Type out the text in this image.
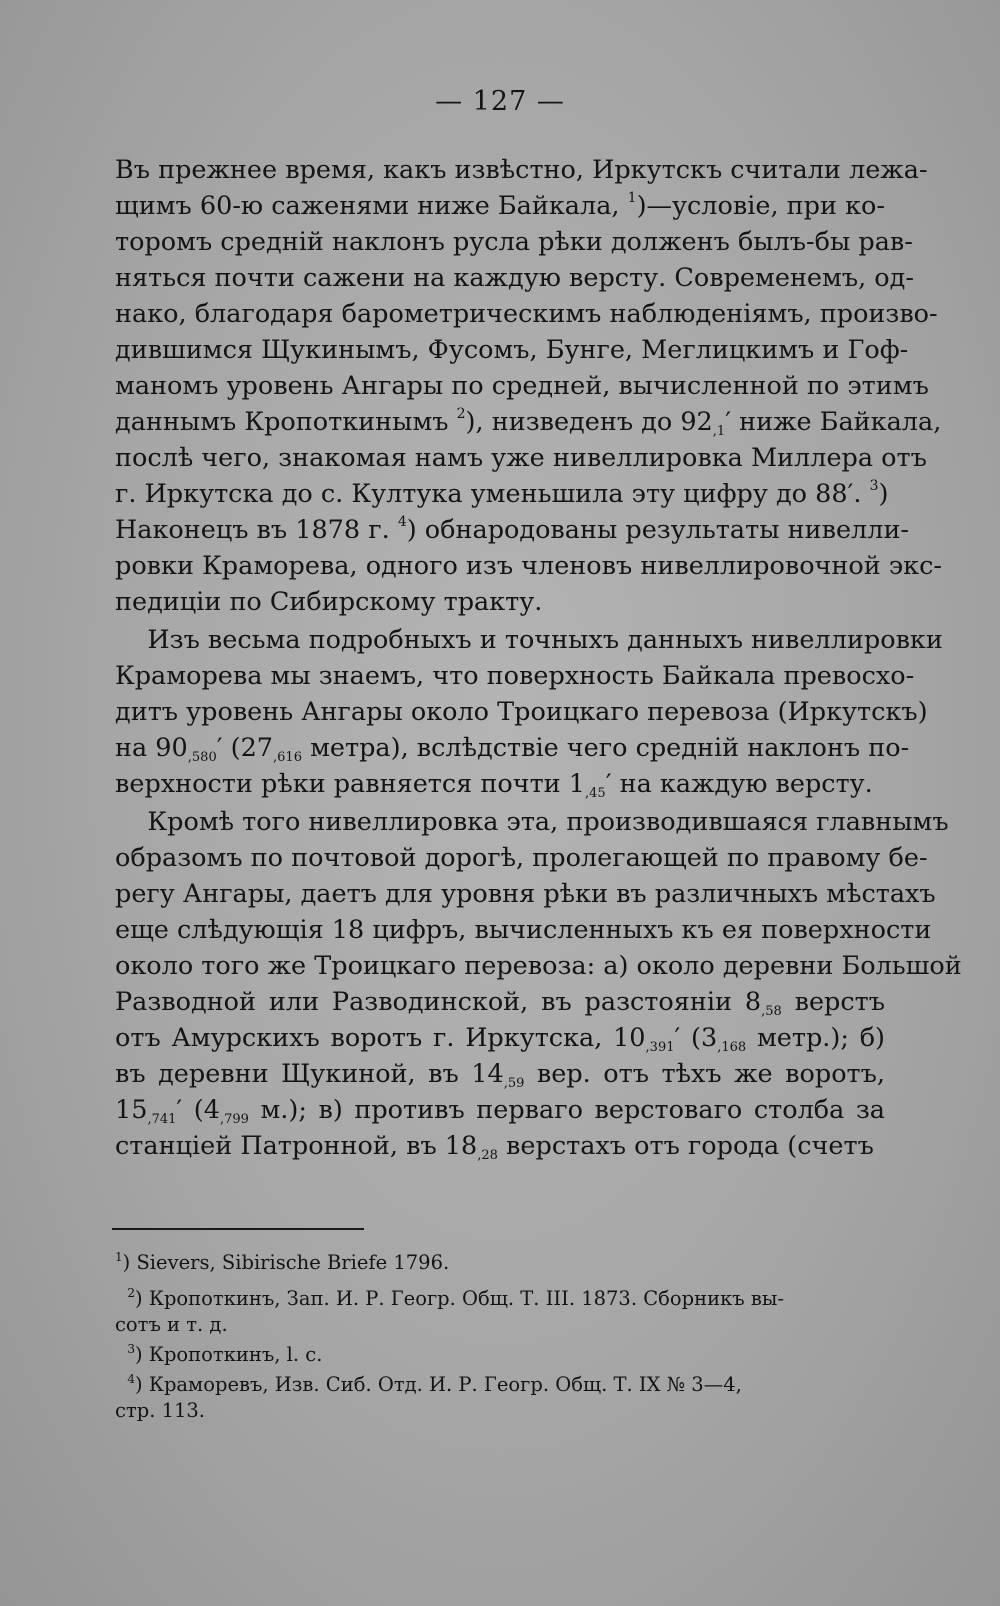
— 127 —
Въ прежнее время, какъ извѣстно, Иркутскъ считали лежа-
щимъ 60-ю саженями ниже Байкала, $^1$)—условіе, при ко-
торомъ среднiй наклонъ русла рѣки долженъ былъ-бы рав-
няться почти сажени на каждую версту. Современемъ, од-
нако, благодаря барометрическимъ наблюденiямъ, произво-
дившимся Щукинымъ, Фусомъ, Бунге, Меглицкимъ и Гоф-
маномъ уровень Ангары по средней, вычисленной по этимъ
даннымъ Кропоткинымъ $^2$), низведенъ до $92_{,1}'$ ниже Байкала,
послѣ чего, знакомая намъ уже нивеллировка Миллера отъ
г. Иркутска до с. Култука уменьшила эту цифру до 88′. $^3$)
Наконецъ въ 1878 г. $^4$) обнародованы результаты нивелли-
ровки Краморева, одного изъ членовъ нивеллировочной экс-
педицiи по Сибирскому тракту.
Изъ весьма подробныхъ и точныхъ данныхъ нивеллировки
Краморева мы знаемъ, что поверхность Байкала превосхо-
дитъ уровень Ангары около Троицкаго перевоза (Иркутскъ)
на $90_{,580}'$ ($27_{,616}$ метра), вслѣдствiе чего среднiй наклонъ по-
верхности рѣки равняется почти $1_{,45}'$ на каждую версту.
Кромѣ того нивеллировка эта, производившаяся главнымъ
образомъ по почтовой дорогѣ, пролегающей по правому бе-
регу Ангары, даетъ для уровня рѣки въ различныхъ мѣстахъ
еще слѣдующiя 18 цифръ, вычисленныхъ къ ея поверхности
около того же Троицкаго перевоза: а) около деревни Большой
Разводной или Разводинской, въ разстоянiи $8_{,58}$ верстъ
отъ Амурскихъ воротъ г. Иркутска, $10_{,391}'$ ($3_{,168}$ метр.); б)
въ деревни Щукиной, въ $14_{,59}$ вер. отъ тѣхъ же воротъ,
$15_{,741}'$ ($4_{,799}$ м.); в) противъ перваго верстоваго столба за
станцiей Патронной, въ $18_{,28}$ верстахъ отъ города (счетъ
$^1$) Sievers, Sibirische Briefe 1796.
$^2$) Кропоткинъ, Зап. И. Р. Геогр. Общ. Т. III. 1873. Сборникъ вы-
сотъ и т. д.
$^3$) Кропоткинъ, l. c.
$^4$) Краморевъ, Изв. Сиб. Отд. И. Р. Геогр. Общ. Т. IX № 3—4,
стр. 113.
